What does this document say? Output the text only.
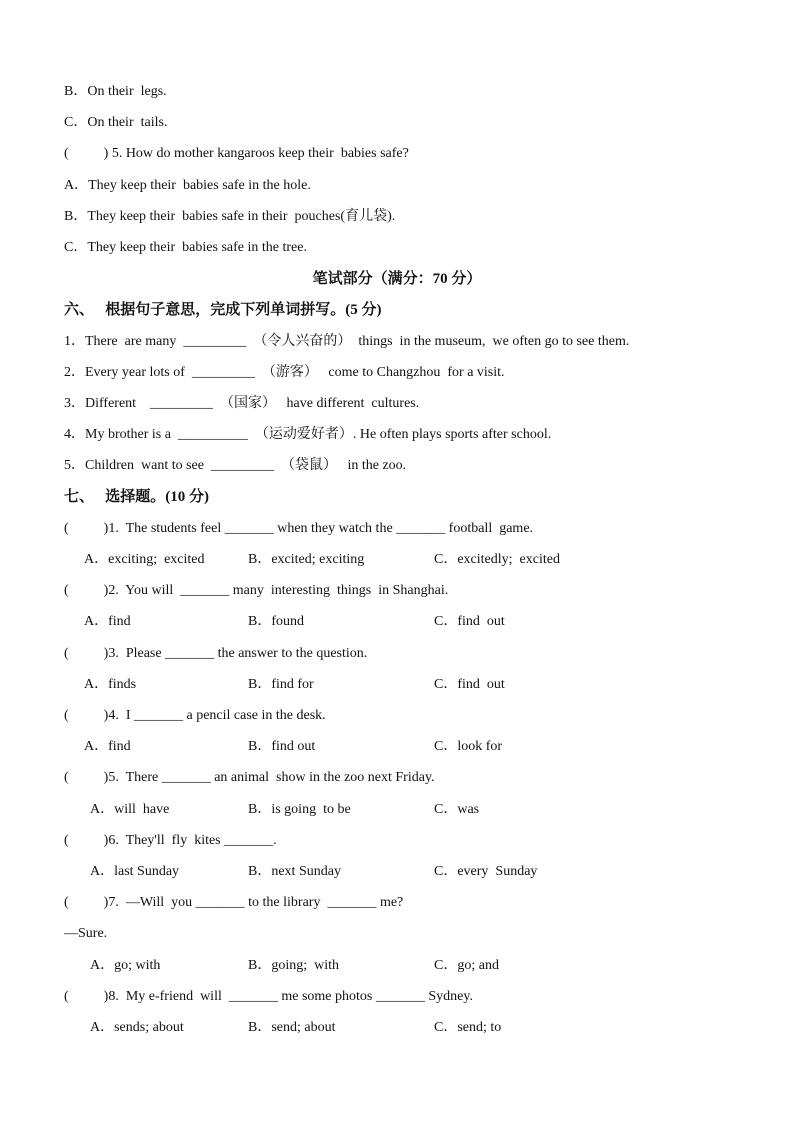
B．On their  legs.
C．On their  tails.
(          ) 5. How do mother kangaroos keep their  babies safe?
A．They keep their  babies safe in the hole.
B．They keep their  babies safe in their  pouches(育儿袋).
C．They keep their  babies safe in the tree.
笔试部分（满分：70 分）
六、   根据句子意思，完成下列单词拼写。(5 分)
1．There  are many  _________  （令人兴奋的）  things  in the museum,  we often go to see them.
2．Every year lots of  _________  （游客）   come to Changzhou  for a visit.
3．Different    _________  （国家）   have different  cultures.
4．My brother is a  __________  （运动爱好者）. He often plays sports after school.
5．Children  want to see  _________  （袋鼠）   in the zoo.
七、   选择题。(10 分)
(          )1.  The students feel _______ when they watch the _______ football  game.
A．exciting;  excited	B．excited; exciting	C．excitedly;  excited
(          )2.  You will  _______ many  interesting  things  in Shanghai.
A．find	B．found	C．find  out
(          )3.  Please _______ the answer to the question.
A．finds	B．find for	C．find  out
(          )4.  I _______ a pencil case in the desk.
A．find	B．find out	C．look for
(          )5.  There _______ an animal  show in the zoo next Friday.
A．will  have	B．is going  to be	C．was
(          )6.  They'll  fly  kites _______.
A．last Sunday	B．next Sunday	C．every  Sunday
(          )7.  —Will  you _______ to the library  _______ me?
—Sure.
A．go; with	B．going;  with	C．go; and
(          )8.  My e-friend  will  _______ me some photos _______ Sydney.
A．sends; about	B．send; about	C．send; to
